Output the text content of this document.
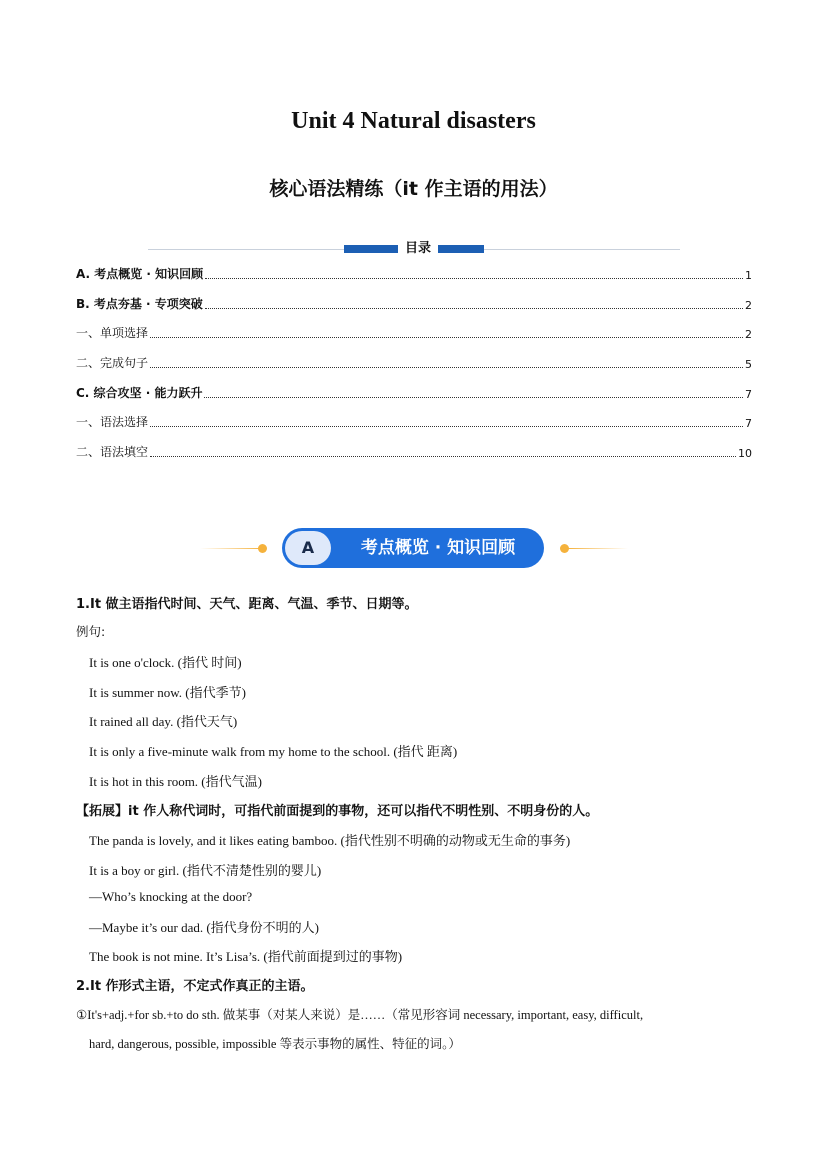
Unit 4 Natural disasters
核心语法精练（it 作主语的用法）
目录
A. 考点概览 · 知识回顾	1
B. 考点夯基 · 专项突破	2
一、单项选择	2
二、完成句子	5
C. 综合攻坚 · 能力跃升	7
一、语法选择	7
二、语法填空	10
A	考点概览 · 知识回顾
1.It 做主语指代时间、天气、距离、气温、季节、日期等。
例句:
It is one o'clock. (指代 时间)
It is summer now. (指代季节)
It rained all day. (指代天气)
It is only a five-minute walk from my home to the school. (指代 距离)
It is hot in this room. (指代气温)
【拓展】it 作人称代词时，可指代前面提到的事物，还可以指代不明性别、不明身份的人。
The panda is lovely, and it likes eating bamboo. (指代性别不明确的动物或无生命的事务)
It is a boy or girl. (指代不清楚性别的婴儿)
—Who’s knocking at the door?
—Maybe it’s our dad. (指代身份不明的人)
The book is not mine. It’s Lisa’s. (指代前面提到过的事物)
2.It 作形式主语，不定式作真正的主语。
①It's+adj.+for sb.+to do sth. 做某事（对某人来说）是……（常见形容词 necessary, important, easy, difficult,
hard, dangerous, possible, impossible 等表示事物的属性、特征的词。）
